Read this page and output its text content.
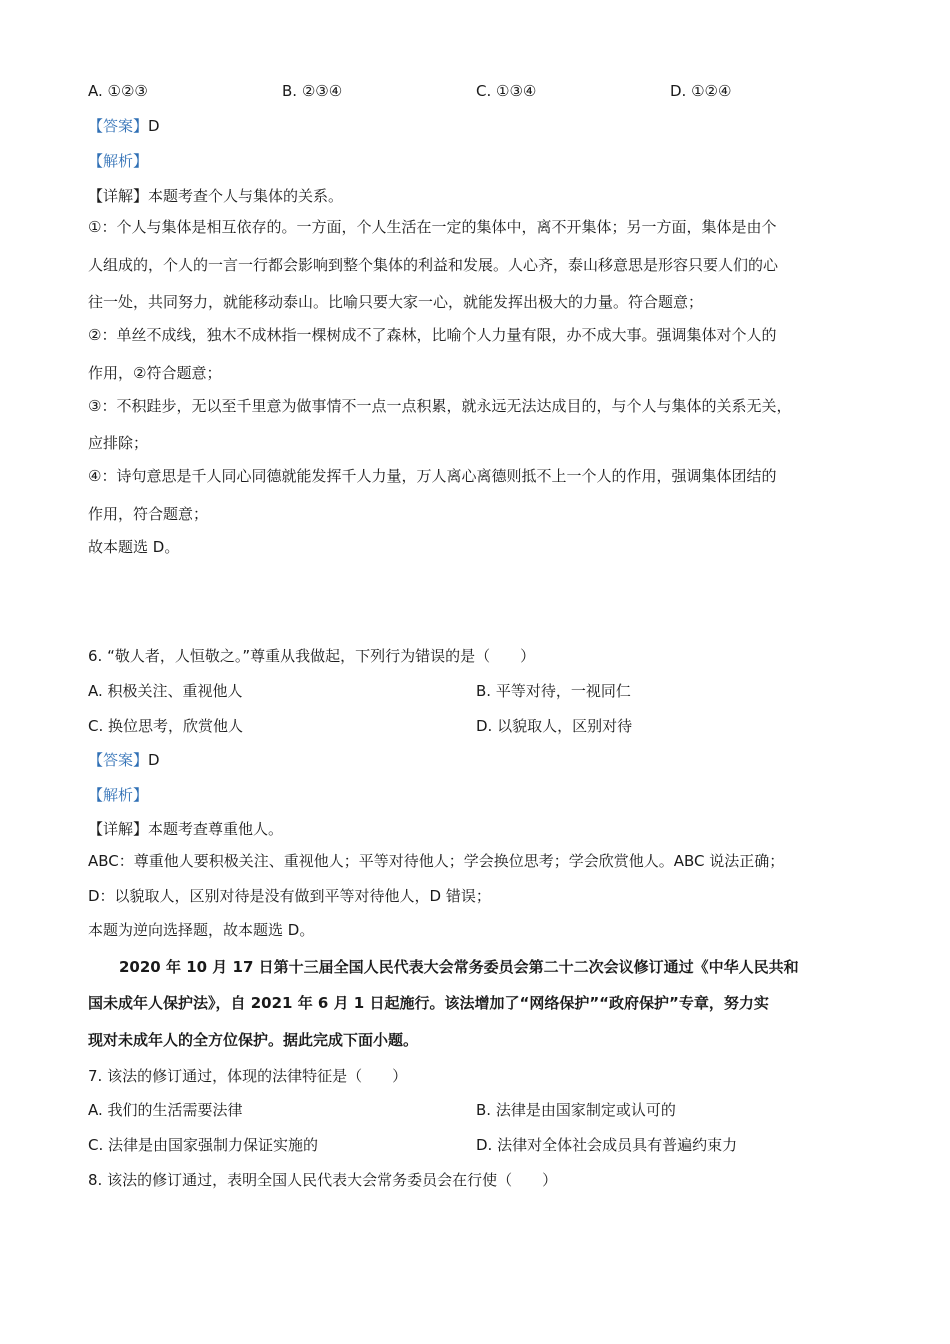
A. ①②③	B. ②③④	C. ①③④	D. ①②④
【答案】D
【解析】
【详解】本题考查个人与集体的关系。
①：个人与集体是相互依存的。一方面，个人生活在一定的集体中，离不开集体；另一方面，集体是由个
人组成的，个人的一言一行都会影响到整个集体的利益和发展。人心齐，泰山移意思是形容只要人们的心
往一处，共同努力，就能移动泰山。比喻只要大家一心，就能发挥出极大的力量。符合题意；
②：单丝不成线，独木不成林指一棵树成不了森林，比喻个人力量有限，办不成大事。强调集体对个人的
作用，②符合题意；
③：不积跬步，无以至千里意为做事情不一点一点积累，就永远无法达成目的，与个人与集体的关系无关，
应排除；
④：诗句意思是千人同心同德就能发挥千人力量，万人离心离德则抵不上一个人的作用，强调集体团结的
作用，符合题意；
故本题选 D。
6. “敬人者，人恒敬之。”尊重从我做起，下列行为错误的是（　　）
A. 积极关注、重视他人	B. 平等对待，一视同仁
C. 换位思考，欣赏他人	D. 以貌取人，区别对待
【答案】D
【解析】
【详解】本题考查尊重他人。
ABC：尊重他人要积极关注、重视他人；平等对待他人；学会换位思考；学会欣赏他人。ABC 说法正确；
D：以貌取人，区别对待是没有做到平等对待他人，D 错误；
本题为逆向选择题，故本题选 D。
2020 年 10 月 17 日第十三届全国人民代表大会常务委员会第二十二次会议修订通过《中华人民共和
国未成年人保护法》，自 2021 年 6 月 1 日起施行。该法增加了“网络保护”“政府保护”专章，努力实
现对未成年人的全方位保护。据此完成下面小题。
7. 该法的修订通过，体现的法律特征是（　　）
A. 我们的生活需要法律	B. 法律是由国家制定或认可的
C. 法律是由国家强制力保证实施的	D. 法律对全体社会成员具有普遍约束力
8. 该法的修订通过，表明全国人民代表大会常务委员会在行使（　　）
